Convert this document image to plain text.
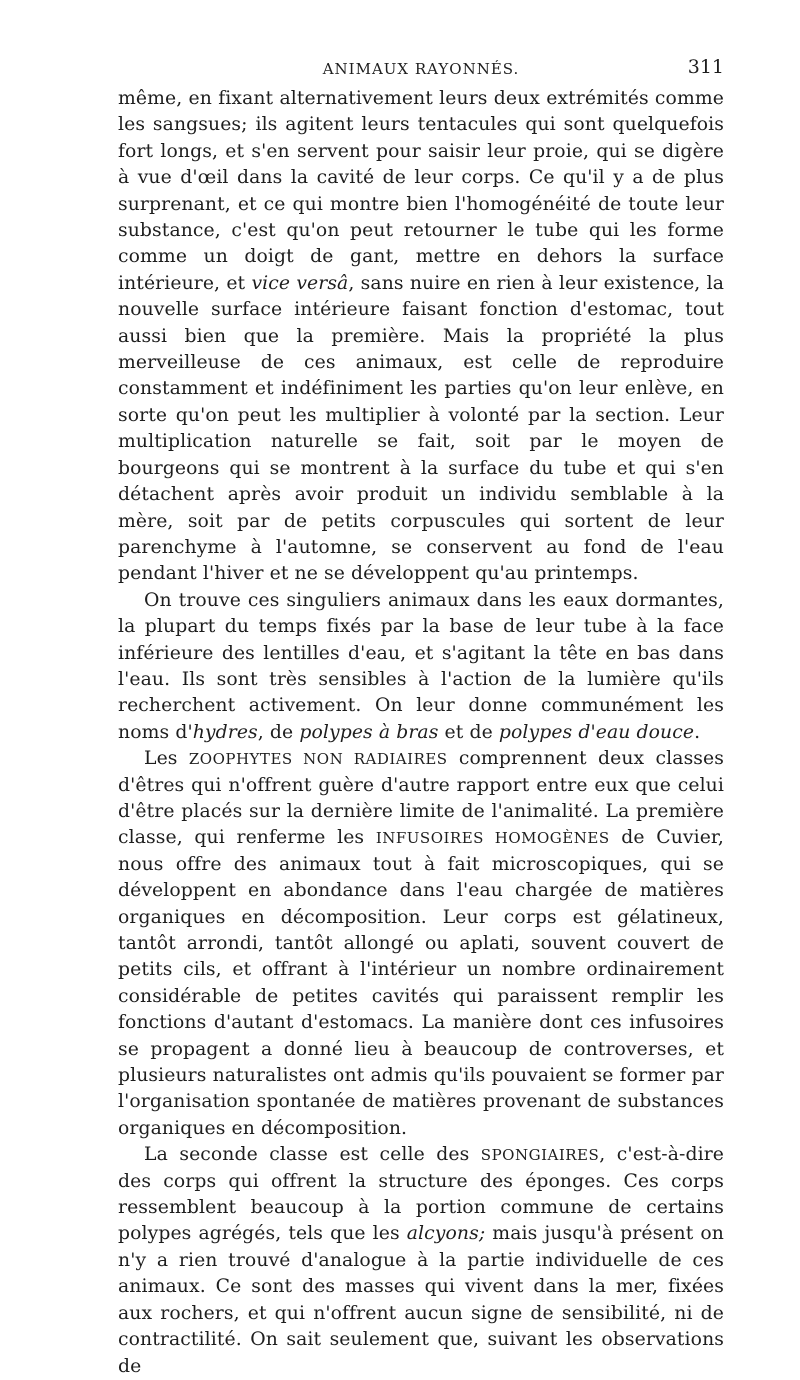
ANIMAUX RAYONNÉS.	311

même, en fixant alternativement leurs deux extrémités comme les sangsues; ils agitent leurs tentacules qui sont quelquefois fort longs, et s'en servent pour saisir leur proie, qui se digère à vue d'œil dans la cavité de leur corps. Ce qu'il y a de plus surprenant, et ce qui montre bien l'homogénéité de toute leur substance, c'est qu'on peut retourner le tube qui les forme comme un doigt de gant, mettre en dehors la surface intérieure, et vice versâ, sans nuire en rien à leur existence, la nouvelle surface intérieure faisant fonction d'estomac, tout aussi bien que la première. Mais la propriété la plus merveilleuse de ces animaux, est celle de reproduire constamment et indéfiniment les parties qu'on leur enlève, en sorte qu'on peut les multiplier à volonté par la section. Leur multiplication naturelle se fait, soit par le moyen de bourgeons qui se montrent à la surface du tube et qui s'en détachent après avoir produit un individu semblable à la mère, soit par de petits corpuscules qui sortent de leur parenchyme à l'automne, se conservent au fond de l'eau pendant l'hiver et ne se développent qu'au printemps.

On trouve ces singuliers animaux dans les eaux dormantes, la plupart du temps fixés par la base de leur tube à la face inférieure des lentilles d'eau, et s'agitant la tête en bas dans l'eau. Ils sont très sensibles à l'action de la lumière qu'ils recherchent activement. On leur donne communément les noms d'hydres, de polypes à bras et de polypes d'eau douce.

Les ZOOPHYTES NON RADIAIRES comprennent deux classes d'êtres qui n'offrent guère d'autre rapport entre eux que celui d'être placés sur la dernière limite de l'animalité. La première classe, qui renferme les INFUSOIRES HOMOGÈNES de Cuvier, nous offre des animaux tout à fait microscopiques, qui se développent en abondance dans l'eau chargée de matières organiques en décomposition. Leur corps est gélatineux, tantôt arrondi, tantôt allongé ou aplati, souvent couvert de petits cils, et offrant à l'intérieur un nombre ordinairement considérable de petites cavités qui paraissent remplir les fonctions d'autant d'estomacs. La manière dont ces infusoires se propagent a donné lieu à beaucoup de controverses, et plusieurs naturalistes ont admis qu'ils pouvaient se former par l'organisation spontanée de matières provenant de substances organiques en décomposition.

La seconde classe est celle des SPONGIAIRES, c'est-à-dire des corps qui offrent la structure des éponges. Ces corps ressemblent beaucoup à la portion commune de certains polypes agrégés, tels que les alcyons; mais jusqu'à présent on n'y a rien trouvé d'analogue à la partie individuelle de ces animaux. Ce sont des masses qui vivent dans la mer, fixées aux rochers, et qui n'offrent aucun signe de sensibilité, ni de contractilité. On sait seulement que, suivant les observations de
